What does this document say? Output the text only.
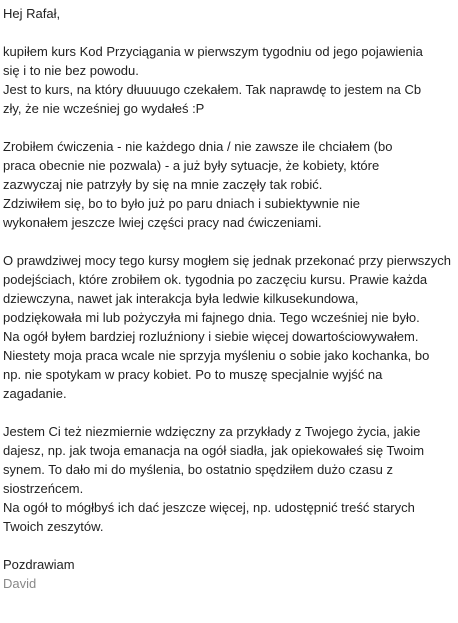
Hej Rafał,
kupiłem kurs Kod Przyciągania w pierwszym tygodniu od jego pojawienia
się i to nie bez powodu.
Jest to kurs, na który dłuuuugo czekałem. Tak naprawdę to jestem na Cb
zły, że nie wcześniej go wydałeś :P
Zrobiłem ćwiczenia - nie każdego dnia / nie zawsze ile chciałem (bo
praca obecnie nie pozwala) - a już były sytuacje, że kobiety, które
zazwyczaj nie patrzyły by się na mnie zaczęły tak robić.
Zdziwiłem się, bo to było już po paru dniach i subiektywnie nie
wykonałem jeszcze lwiej części pracy nad ćwiczeniami.
O prawdziwej mocy tego kursy mogłem się jednak przekonać przy pierwszych
podejściach, które zrobiłem ok. tygodnia po zaczęciu kursu. Prawie każda
dziewczyna, nawet jak interakcja była ledwie kilkusekundowa,
podziękowała mi lub pożyczyła mi fajnego dnia. Tego wcześniej nie było.
Na ogół byłem bardziej rozluźniony i siebie więcej dowartościowywałem.
Niestety moja praca wcale nie sprzyja myśleniu o sobie jako kochanka, bo
np. nie spotykam w pracy kobiet. Po to muszę specjalnie wyjść na
zagadanie.
Jestem Ci też niezmiernie wdzięczny za przykłady z Twojego życia, jakie
dajesz, np. jak twoja emanacja na ogół siadła, jak opiekowałeś się Twoim
synem. To dało mi do myślenia, bo ostatnio spędziłem dużo czasu z
siostrzeńcem.
Na ogół to mógłbyś ich dać jeszcze więcej, np. udostępnić treść starych
Twoich zeszytów.
Pozdrawiam
David
